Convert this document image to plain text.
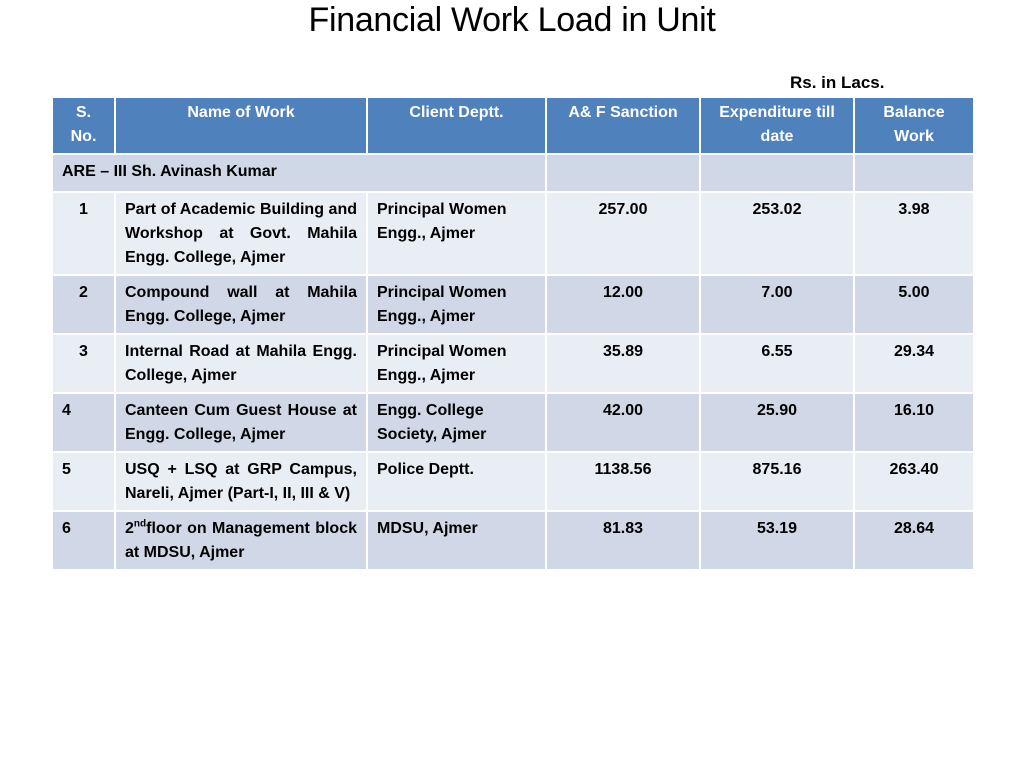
Financial Work Load in Unit
Rs. in Lacs.
S. No.	Name of Work	Client Deptt.	A& F Sanction	Expenditure till date	Balance Work
ARE – III Sh. Avinash Kumar					
1	Part of Academic Building and Workshop at Govt. Mahila Engg. College, Ajmer	Principal Women Engg., Ajmer	257.00	253.02	3.98
2	Compound wall at Mahila Engg. College, Ajmer	Principal Women Engg., Ajmer	12.00	7.00	5.00
3	Internal Road at Mahila Engg. College, Ajmer	Principal Women Engg., Ajmer	35.89	6.55	29.34
4	Canteen Cum Guest House at Engg. College, Ajmer	Engg. College Society, Ajmer	42.00	25.90	16.10
5	USQ + LSQ at GRP Campus, Nareli, Ajmer (Part-I, II, III & V)	Police Deptt.	1138.56	875.16	263.40
6	2ndfloor on Management block at MDSU, Ajmer	MDSU, Ajmer	81.83	53.19	28.64
